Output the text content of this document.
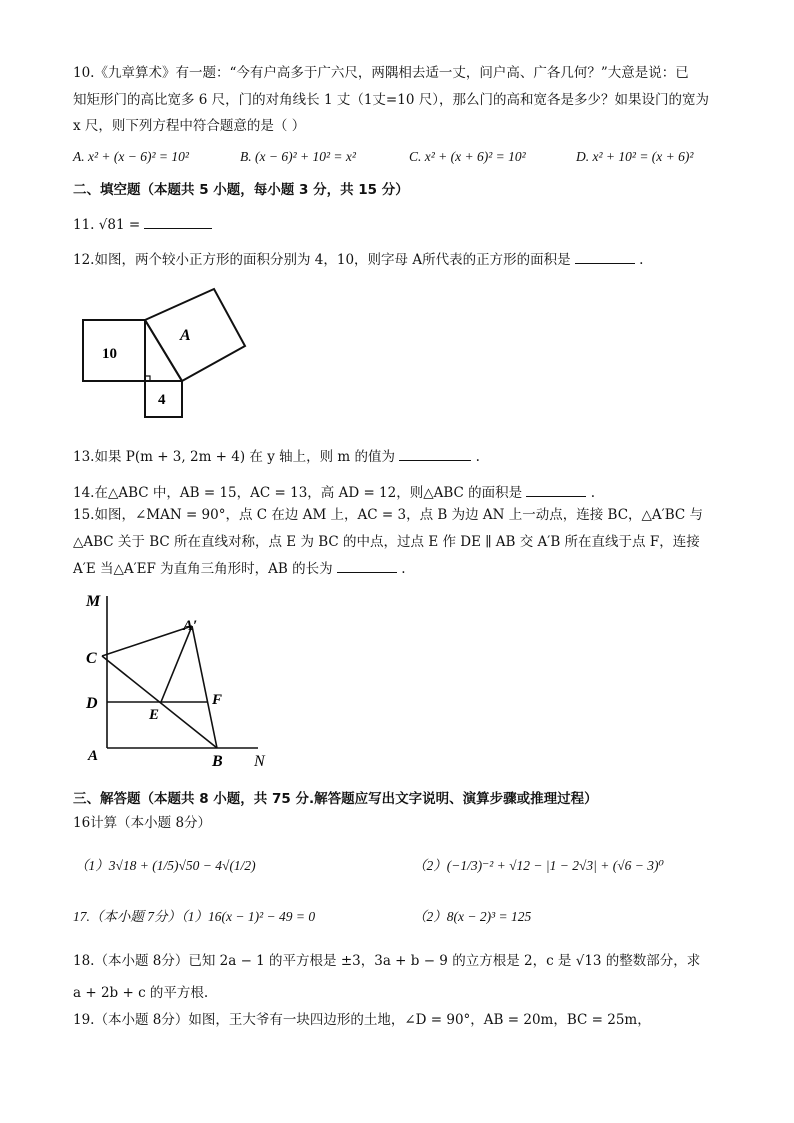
10.《九章算术》有一题：“今有户高多于广六尺，两隅相去适一丈，问户高、广各几何？”大意是说：已
知矩形门的高比宽多 6 尺，门的对角线长 1 丈（1丈=10 尺），那么门的高和宽各是多少？如果设门的宽为
x 尺，则下列方程中符合题意的是（ ）
A. x² + (x − 6)² = 10²	B. (x − 6)² + 10² = x²	C. x² + (x + 6)² = 10²	D. x² + 10² = (x + 6)²
二、填空题（本题共 5 小题，每小题 3 分，共 15 分）
11. √81 =
12.如图，两个较小正方形的面积分别为 4，10，则字母 A所代表的正方形的面积是	.
10
A
4
13.如果 P(m + 3, 2m + 4) 在 y 轴上，则 m 的值为	.
14.在△ABC 中，AB = 15，AC = 13，高 AD = 12，则△ABC 的面积是	.
15.如图，∠MAN = 90°，点 C 在边 AM 上，AC = 3，点 B 为边 AN 上一动点，连接 BC，△A′BC 与
△ABC 关于 BC 所在直线对称，点 E 为 BC 的中点，过点 E 作 DE ∥ AB 交 A′B 所在直线于点 F，连接
A′E 当△A′EF 为直角三角形时，AB 的长为	.
M
A′
C
D
E
F
A	B N
三、解答题（本题共 8 小题，共 75 分.解答题应写出文字说明、演算步骤或推理过程）
16计算（本小题 8分）
（1）3√18 + (1/5)√50 − 4√(1/2)	（2）(−1/3)⁻² + √12 − |1 − 2√3| + (√6 − 3)⁰
17.（本小题 7分）（1）16(x − 1)² − 49 = 0	（2）8(x − 2)³ = 125
18.（本小题 8分）已知 2a − 1 的平方根是 ±3，3a + b − 9 的立方根是 2，c 是 √13 的整数部分，求
a + 2b + c 的平方根.
19.（本小题 8分）如图，王大爷有一块四边形的土地，∠D = 90°，AB = 20m，BC = 25m，
